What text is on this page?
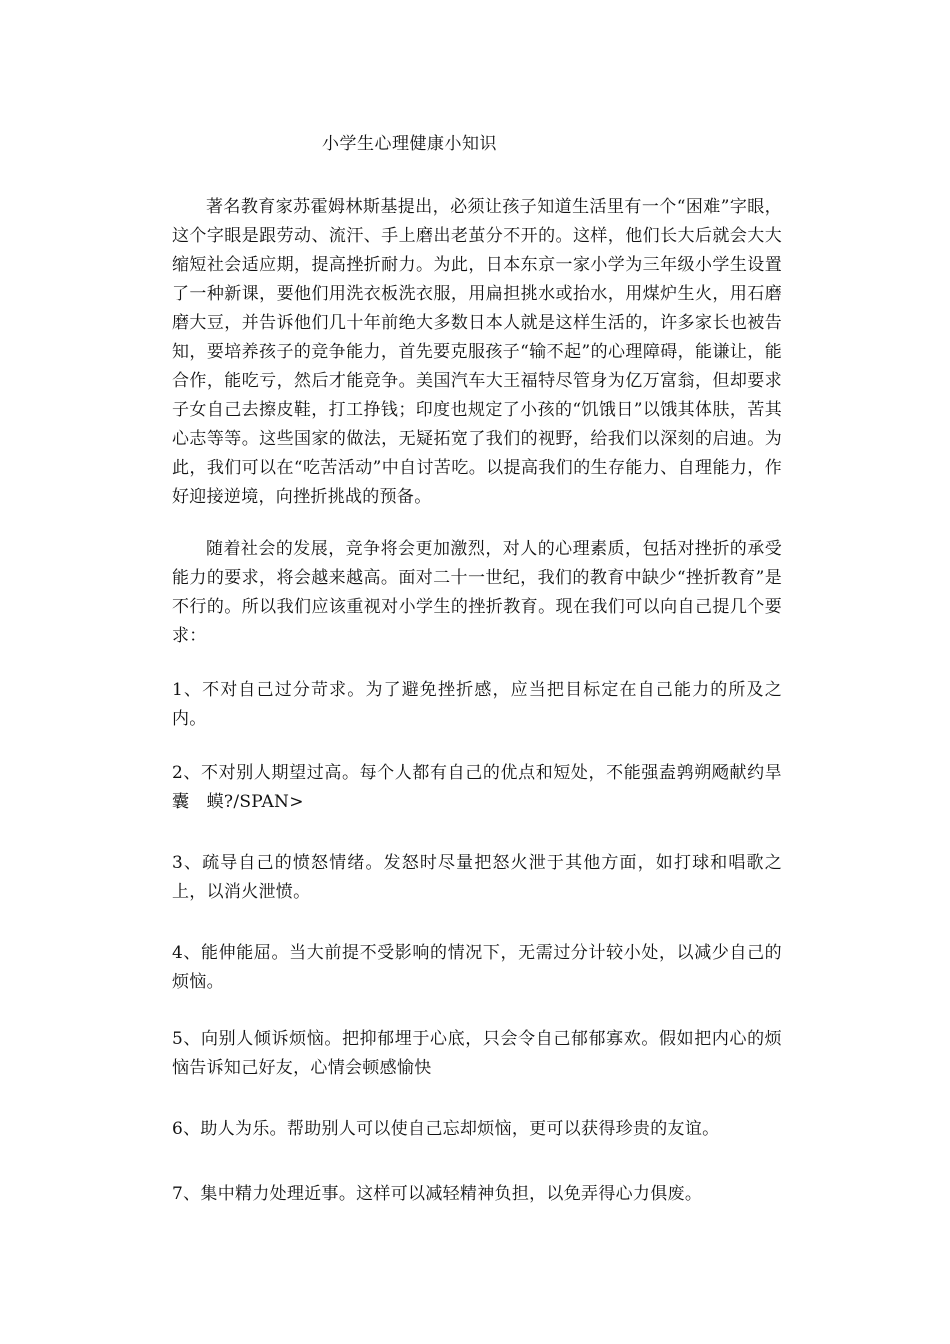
小学生心理健康小知识

著名教育家苏霍姆林斯基提出，必须让孩子知道生活里有一个“困难”字眼，这个字眼是跟劳动、流汗、手上磨出老茧分不开的。这样，他们长大后就会大大缩短社会适应期，提高挫折耐力。为此，日本东京一家小学为三年级小学生设置了一种新课，要他们用洗衣板洗衣服，用扁担挑水或抬水，用煤炉生火，用石磨磨大豆，并告诉他们几十年前绝大多数日本人就是这样生活的，许多家长也被告知，要培养孩子的竞争能力，首先要克服孩子“输不起”的心理障碍，能谦让，能合作，能吃亏，然后才能竞争。美国汽车大王福特尽管身为亿万富翁，但却要求子女自己去擦皮鞋，打工挣钱；印度也规定了小孩的“饥饿日”以饿其体肤，苦其心志等等。这些国家的做法，无疑拓宽了我们的视野，给我们以深刻的启迪。为此，我们可以在“吃苦活动”中自讨苦吃。以提高我们的生存能力、自理能力，作好迎接逆境，向挫折挑战的预备。

随着社会的发展，竞争将会更加激烈，对人的心理素质，包括对挫折的承受能力的要求，将会越来越高。面对二十一世纪，我们的教育中缺少“挫折教育”是不行的。所以我们应该重视对小学生的挫折教育。现在我们可以向自己提几个要求：

1、不对自己过分苛求。为了避免挫折感，应当把目标定在自己能力的所及之内。

2、不对别人期望过高。每个人都有自己的优点和短处，不能强盍鹑朔飏献约旱囊　蟆?/SPAN>

3、疏导自己的愤怒情绪。发怒时尽量把怒火泄于其他方面，如打球和唱歌之上，以消火泄愤。

4、能伸能屈。当大前提不受影响的情况下，无需过分计较小处，以减少自己的烦恼。

5、向别人倾诉烦恼。把抑郁埋于心底，只会令自己郁郁寡欢。假如把内心的烦恼告诉知己好友，心情会顿感愉快

6、助人为乐。帮助别人可以使自己忘却烦恼，更可以获得珍贵的友谊。

7、集中精力处理近事。这样可以减轻精神负担，以免弄得心力俱废。
